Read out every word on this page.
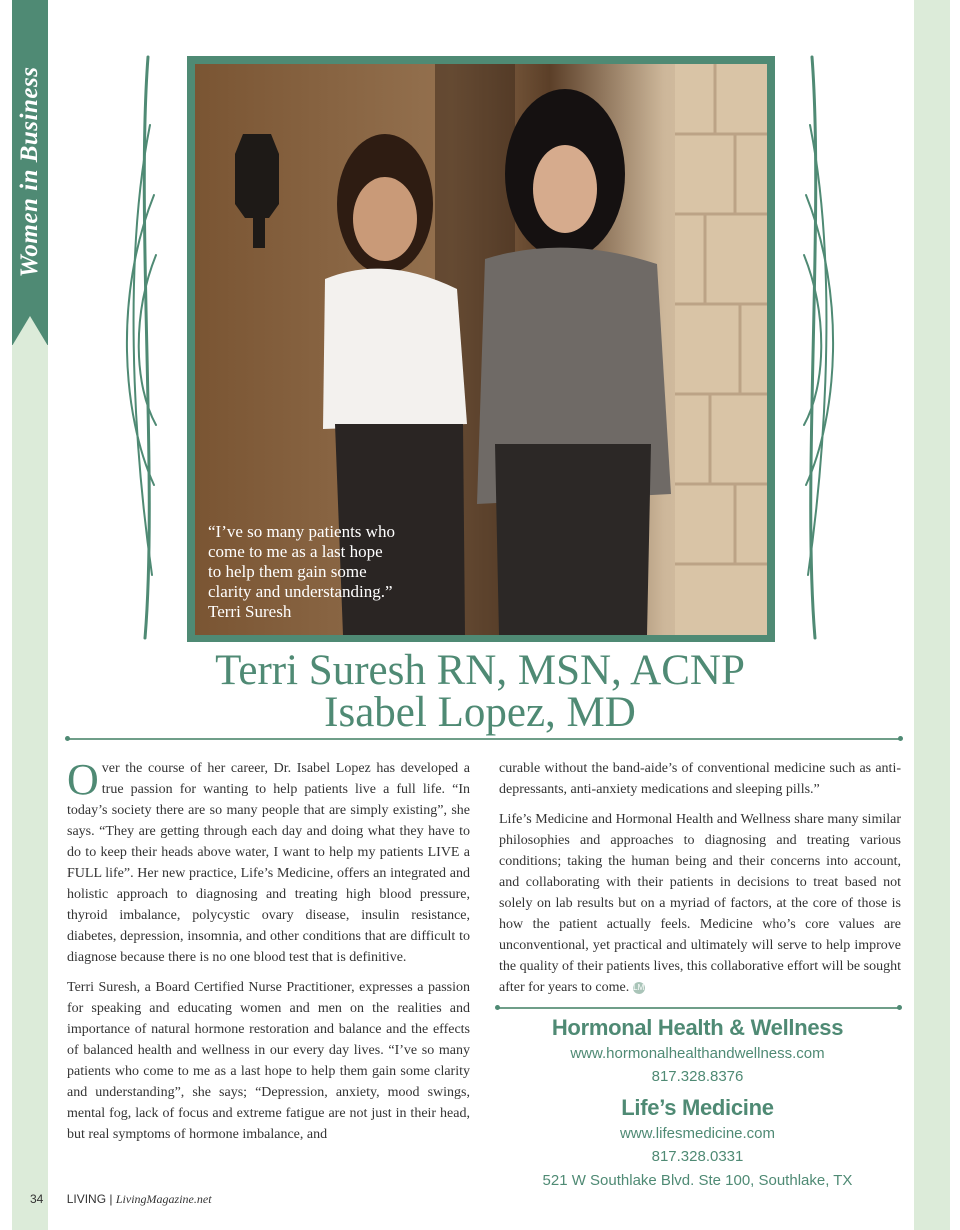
Women in Business
“I’ve so many patients who
come to me as a last hope
to help them gain some
clarity and understanding.”
Terri Suresh
Terri Suresh RN, MSN, ACNP
Isabel Lopez, MD

Over the course of her career, Dr. Isabel Lopez has developed a true passion for wanting to help patients live a full life. “In today’s society there are so many people that are simply existing”, she says. “They are getting through each day and doing what they have to do to keep their heads above water, I want to help my patients LIVE a FULL life”. Her new practice, Life’s Medicine, offers an integrated and holistic approach to diagnosing and treating high blood pressure, thyroid imbalance, polycystic ovary disease, insulin resistance, diabetes, depression, insomnia, and other conditions that are difficult to diagnose because there is no one blood test that is definitive.

Terri Suresh, a Board Certified Nurse Practitioner, expresses a passion for speaking and educating women and men on the realities and importance of natural hormone restoration and balance and the effects of balanced health and wellness in our every day lives. “I’ve so many patients who come to me as a last hope to help them gain some clarity and understanding”, she says; “Depression, anxiety, mood swings, mental fog, lack of focus and extreme fatigue are not just in their head, but real symptoms of hormone imbalance, and

curable without the band-aide’s of conventional medicine such as anti-depressants, anti-anxiety medications and sleeping pills.”

Life’s Medicine and Hormonal Health and Wellness share many similar philosophies and approaches to diagnosing and treating various conditions; taking the human being and their concerns into account, and collaborating with their patients in decisions to treat based not solely on lab results but on a myriad of factors, at the core of those is how the patient actually feels. Medicine who’s core values are unconventional, yet practical and ultimately will serve to help improve the quality of their patients lives, this collaborative effort will be sought after for years to come. LM

Hormonal Health & Wellness
www.hormonalhealthandwellness.com
817.328.8376
Life’s Medicine
www.lifesmedicine.com
817.328.0331
521 W Southlake Blvd. Ste 100, Southlake, TX
34 LIVING | LivingMagazine.net
